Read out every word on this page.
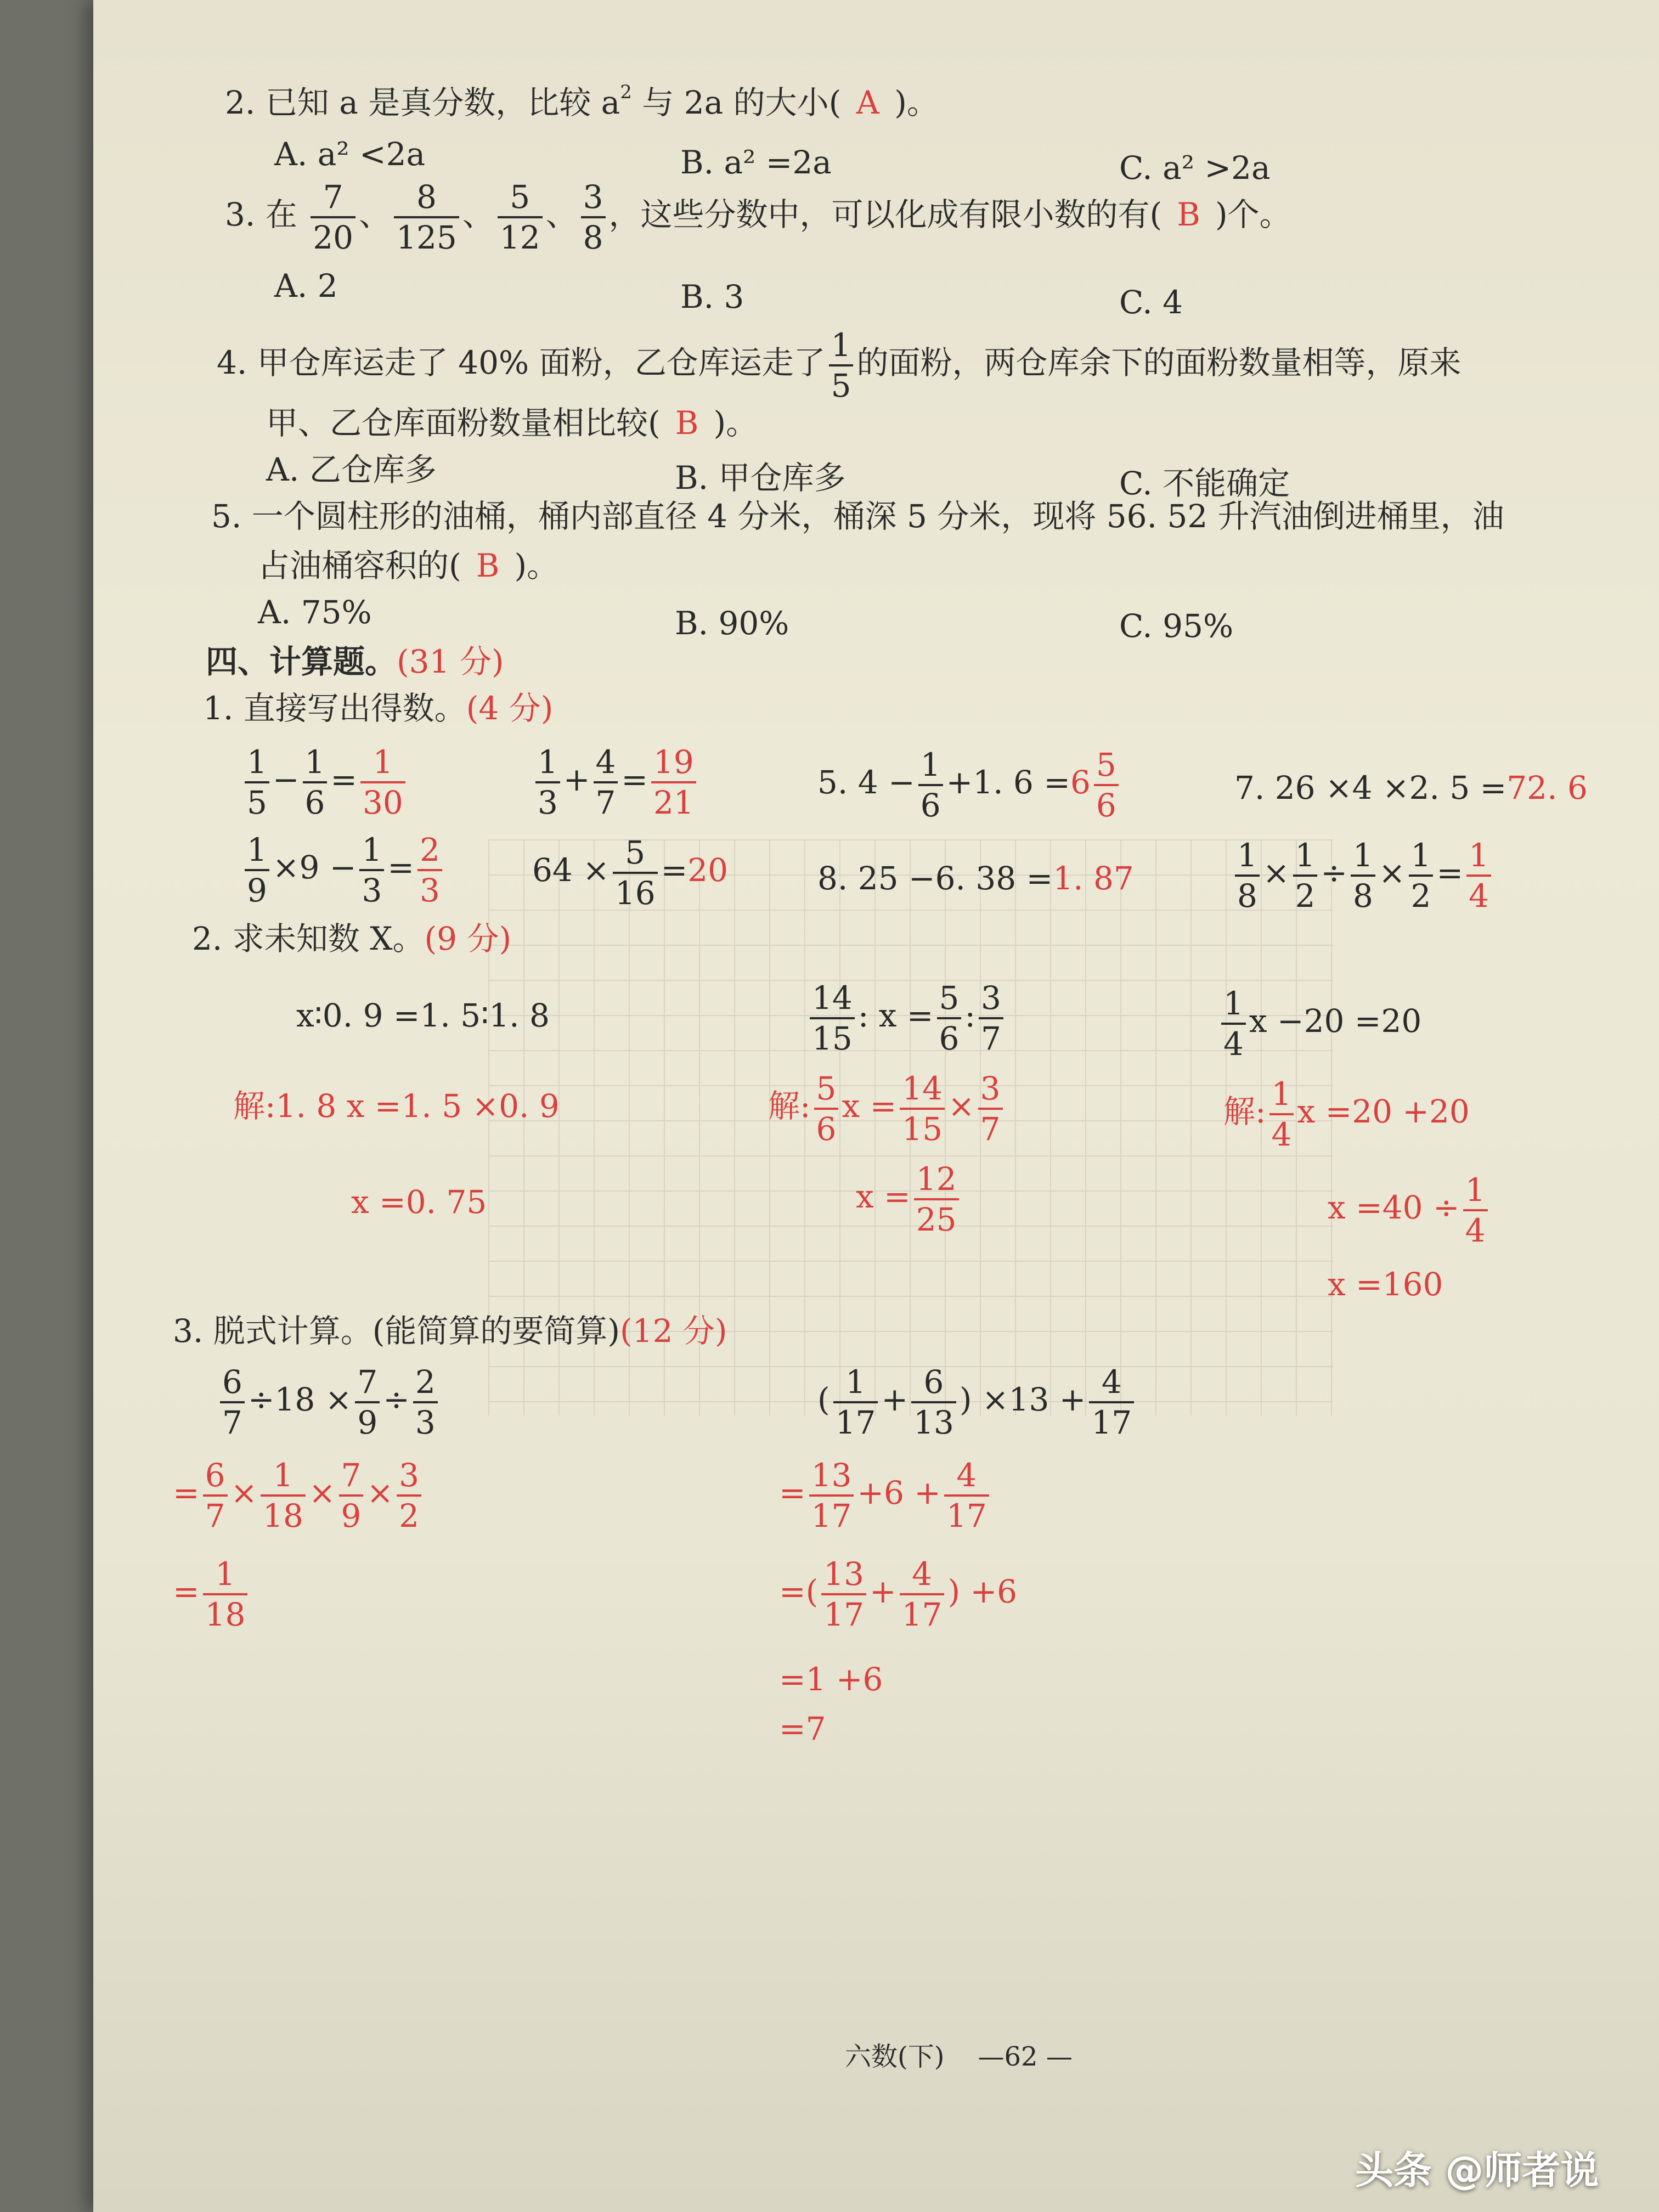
2. 已知 a 是真分数，比较 $a^2$ 与 2a 的大小( A )。
A. a² <2a	B. a² =2a	C. a² >2a
3. 在 $\frac{7}{20}$ 、 $\frac{8}{125}$ 、 $\frac{5}{12}$ 、 $\frac{3}{8}$ ，这些分数中，可以化成有限小数的有( B )个。
A. 2	B. 3	C. 4
4. 甲仓库运走了 40% 面粉，乙仓库运走了 $\frac{1}{5}$ 的面粉，两仓库余下的面粉数量相等，原来
甲、乙仓库面粉数量相比较( B )。
A. 乙仓库多	B. 甲仓库多	C. 不能确定
5. 一个圆柱形的油桶，桶内部直径 4 分米，桶深 5 分米，现将 56. 52 升汽油倒进桶里，油
占油桶容积的( B )。
A. 75%	B. 90%	C. 95%
四、计算题。(31 分)
1. 直接写出得数。(4 分)
$\frac{1}{5} - \frac{1}{6} = \frac{1}{30}$	$\frac{1}{3} + \frac{4}{7} = \frac{19}{21}$	5. $4 - \frac{1}{6} +1$. $6 =6 \frac{5}{6}$	7. 26 ×4 ×2. 5 =72. 6
$\frac{1}{9} \times 9 - \frac{1}{3} = \frac{2}{3}$	$64 \times \frac{5}{16} =20$	8. 25 −6. 38 =1. 87	$\frac{1}{8} \times \frac{1}{2} \div \frac{1}{8} \times \frac{1}{2} = \frac{1}{4}$
2. 求未知数 X。(9 分)
x∶0. 9 =1. 5∶1. 8
解:1. 8 x =1. 5 ×0. 9
x =0. 75
$\frac{14}{15}$ : $x = \frac{5}{6}$ : $\frac{3}{7}$
解: $\frac{5}{6}$ $x = \frac{14}{15} \times \frac{3}{7}$
$x = \frac{12}{25}$
$\frac{1}{4}$ x −20 =20
解: $\frac{1}{4}$ x =20 +20
$x =40 \div \frac{1}{4}$
x =160
3. 脱式计算。(能简算的要简算)(12 分)
$\frac{6}{7} \div 18 \times \frac{7}{9} \div \frac{2}{3}$
= $\frac{6}{7} \times \frac{1}{18} \times \frac{7}{9} \times \frac{3}{2}$
= $\frac{1}{18}$
( $\frac{1}{17} + \frac{6}{13}$ ) $\times 13 + \frac{4}{17}$
= $\frac{13}{17} +6 + \frac{4}{17}$
=( $\frac{13}{17} + \frac{4}{17}$ ) +6
=1 +6
=7
六数(下) —62 —
头条 @师者说
